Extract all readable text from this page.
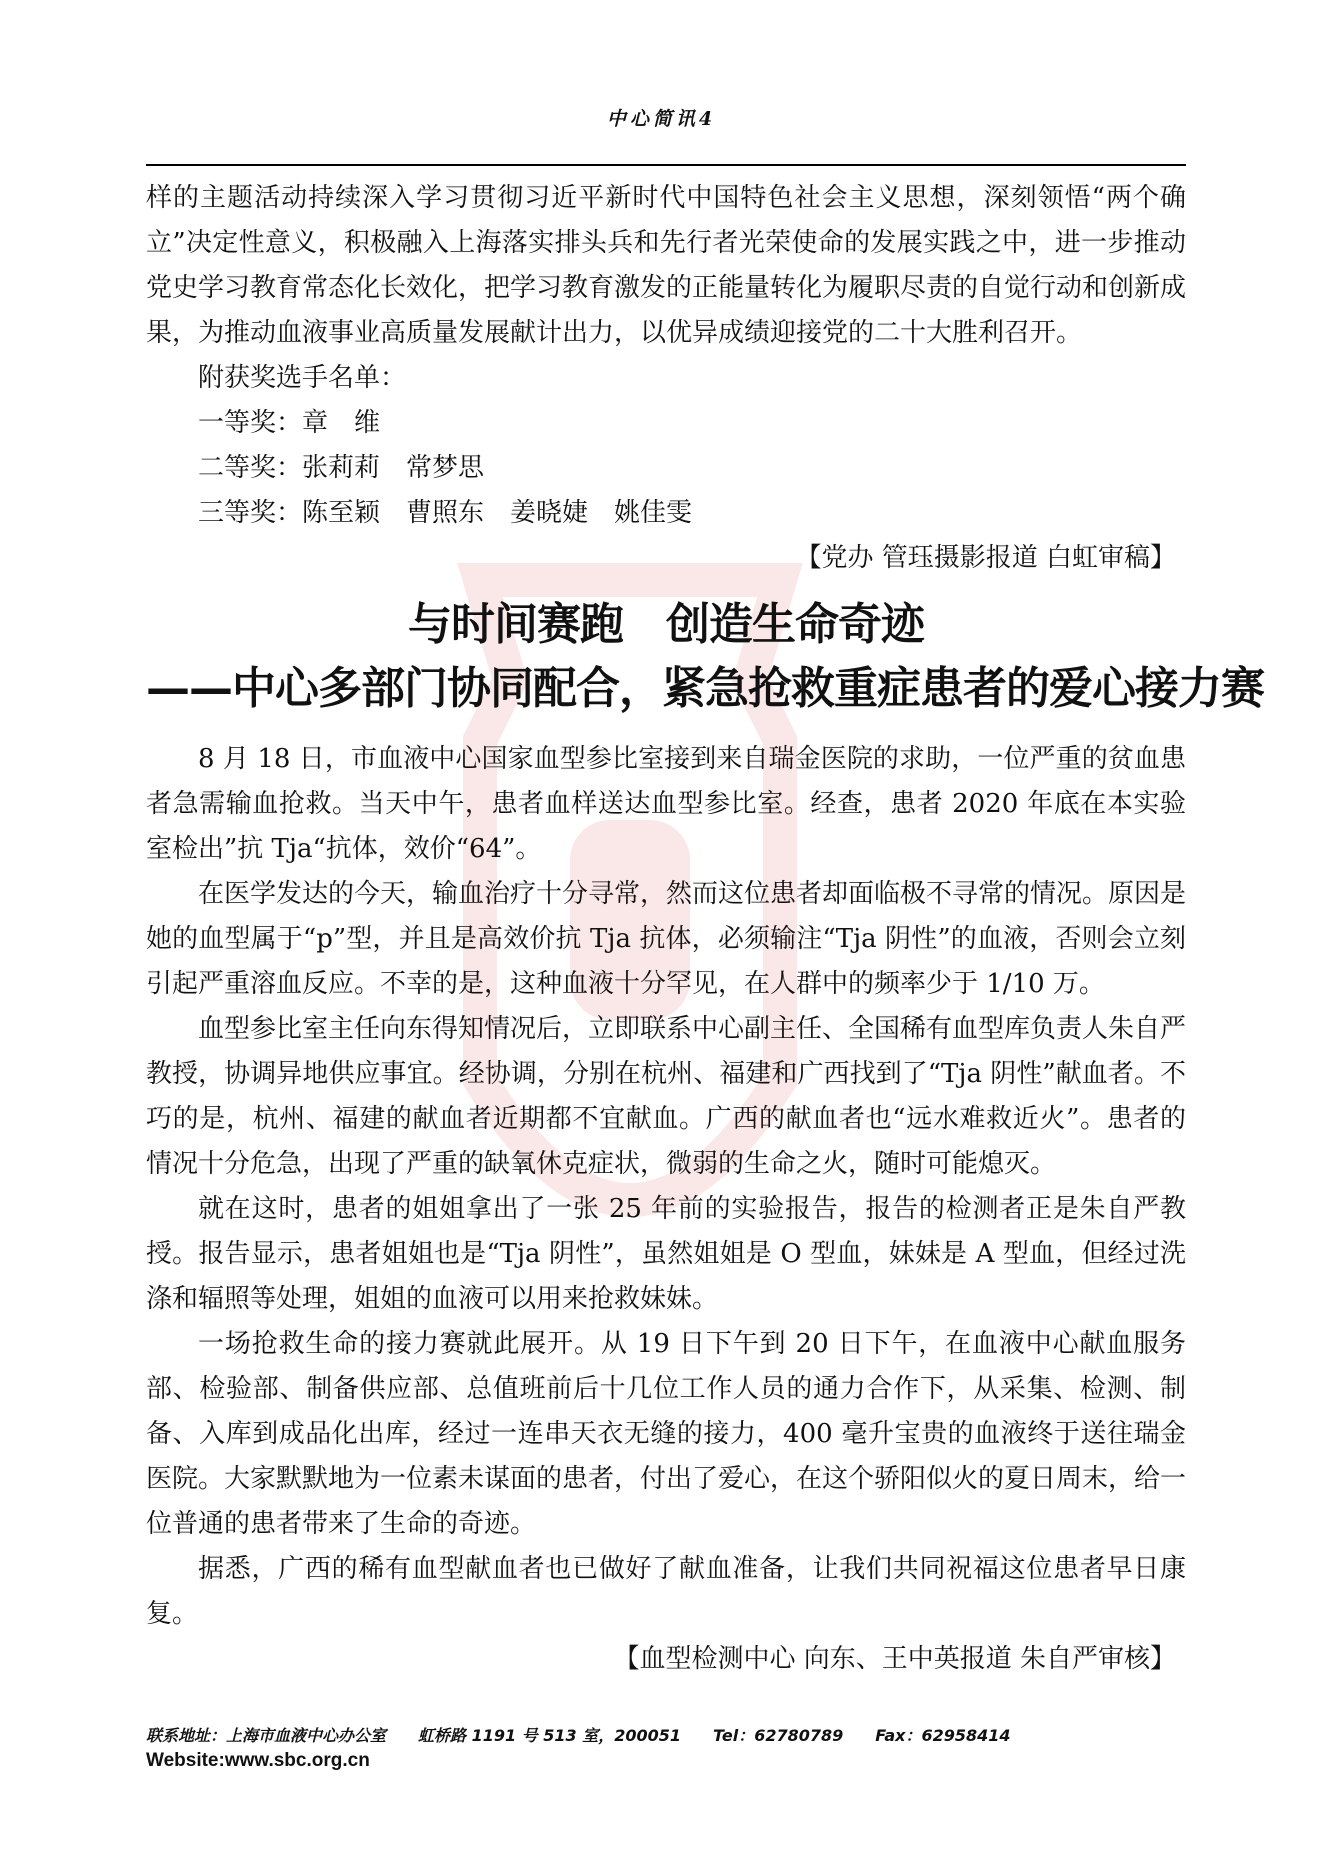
中心简讯4

样的主题活动持续深入学习贯彻习近平新时代中国特色社会主义思想，深刻领悟“两个确立”决定性意义，积极融入上海落实排头兵和先行者光荣使命的发展实践之中，进一步推动党史学习教育常态化长效化，把学习教育激发的正能量转化为履职尽责的自觉行动和创新成果，为推动血液事业高质量发展献计出力，以优异成绩迎接党的二十大胜利召开。

附获奖选手名单：

一等奖：章　维

二等奖：张莉莉　常梦思

三等奖：陈至颖　曹照东　姜晓婕　姚佳雯

【党办 管珏摄影报道 白虹审稿】

与时间赛跑　创造生命奇迹
——中心多部门协同配合，紧急抢救重症患者的爱心接力赛

8 月 18 日，市血液中心国家血型参比室接到来自瑞金医院的求助，一位严重的贫血患者急需输血抢救。当天中午，患者血样送达血型参比室。经查，患者 2020 年底在本实验室检出”抗 Tja“抗体，效价“64”。

在医学发达的今天，输血治疗十分寻常，然而这位患者却面临极不寻常的情况。原因是她的血型属于“p”型，并且是高效价抗 Tja 抗体，必须输注“Tja 阴性”的血液，否则会立刻引起严重溶血反应。不幸的是，这种血液十分罕见，在人群中的频率少于 1/10 万。

血型参比室主任向东得知情况后，立即联系中心副主任、全国稀有血型库负责人朱自严教授，协调异地供应事宜。经协调，分别在杭州、福建和广西找到了“Tja 阴性”献血者。不巧的是，杭州、福建的献血者近期都不宜献血。广西的献血者也“远水难救近火”。患者的情况十分危急，出现了严重的缺氧休克症状，微弱的生命之火，随时可能熄灭。

就在这时，患者的姐姐拿出了一张 25 年前的实验报告，报告的检测者正是朱自严教授。报告显示，患者姐姐也是“Tja 阴性”，虽然姐姐是 O 型血，妹妹是 A 型血，但经过洗涤和辐照等处理，姐姐的血液可以用来抢救妹妹。

一场抢救生命的接力赛就此展开。从 19 日下午到 20 日下午，在血液中心献血服务部、检验部、制备供应部、总值班前后十几位工作人员的通力合作下，从采集、检测、制备、入库到成品化出库，经过一连串天衣无缝的接力，400 毫升宝贵的血液终于送往瑞金医院。大家默默地为一位素未谋面的患者，付出了爱心，在这个骄阳似火的夏日周末，给一位普通的患者带来了生命的奇迹。

据悉，广西的稀有血型献血者也已做好了献血准备，让我们共同祝福这位患者早日康复。

【血型检测中心 向东、王中英报道 朱自严审核】

联系地址：上海市血液中心办公室　　虹桥路 1191 号 513 室，200051　　Tel：62780789　　Fax：62958414

Website:www.sbc.org.cn
